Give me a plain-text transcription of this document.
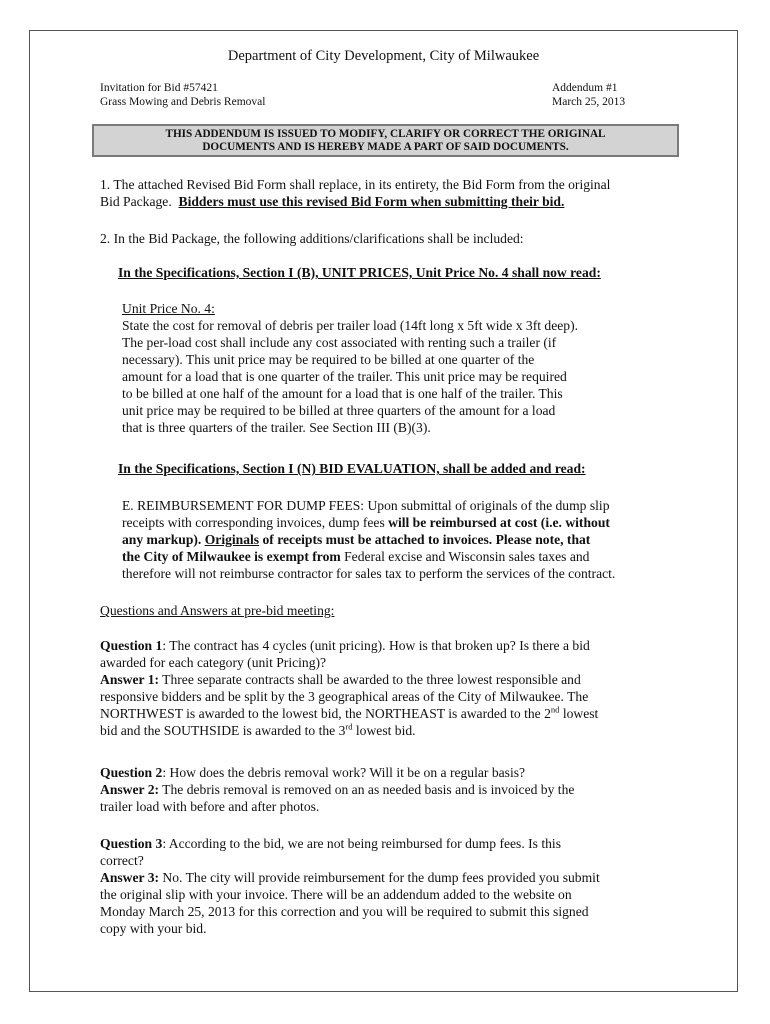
Department of City Development, City of Milwaukee
Invitation for Bid #57421
Grass Mowing and Debris Removal
Addendum #1
March 25, 2013
THIS ADDENDUM IS ISSUED TO MODIFY, CLARIFY OR CORRECT THE ORIGINAL
DOCUMENTS AND IS HEREBY MADE A PART OF SAID DOCUMENTS.
1. The attached Revised Bid Form shall replace, in its entirety, the Bid Form from the original
Bid Package. Bidders must use this revised Bid Form when submitting their bid.
2. In the Bid Package, the following additions/clarifications shall be included:
In the Specifications, Section I (B), UNIT PRICES, Unit Price No. 4 shall now read:
Unit Price No. 4:
State the cost for removal of debris per trailer load (14ft long x 5ft wide x 3ft deep).
The per-load cost shall include any cost associated with renting such a trailer (if
necessary). This unit price may be required to be billed at one quarter of the
amount for a load that is one quarter of the trailer. This unit price may be required
to be billed at one half of the amount for a load that is one half of the trailer. This
unit price may be required to be billed at three quarters of the amount for a load
that is three quarters of the trailer. See Section III (B)(3).
In the Specifications, Section I (N) BID EVALUATION, shall be added and read:
E. REIMBURSEMENT FOR DUMP FEES: Upon submittal of originals of the dump slip
receipts with corresponding invoices, dump fees will be reimbursed at cost (i.e. without
any markup). Originals of receipts must be attached to invoices. Please note, that
the City of Milwaukee is exempt from Federal excise and Wisconsin sales taxes and
therefore will not reimburse contractor for sales tax to perform the services of the contract.
Questions and Answers at pre-bid meeting:
Question 1: The contract has 4 cycles (unit pricing). How is that broken up? Is there a bid
awarded for each category (unit Pricing)?
Answer 1: Three separate contracts shall be awarded to the three lowest responsible and
responsive bidders and be split by the 3 geographical areas of the City of Milwaukee. The
NORTHWEST is awarded to the lowest bid, the NORTHEAST is awarded to the 2nd lowest
bid and the SOUTHSIDE is awarded to the 3rd lowest bid.
Question 2: How does the debris removal work? Will it be on a regular basis?
Answer 2: The debris removal is removed on an as needed basis and is invoiced by the
trailer load with before and after photos.
Question 3: According to the bid, we are not being reimbursed for dump fees. Is this
correct?
Answer 3: No. The city will provide reimbursement for the dump fees provided you submit
the original slip with your invoice. There will be an addendum added to the website on
Monday March 25, 2013 for this correction and you will be required to submit this signed
copy with your bid.
